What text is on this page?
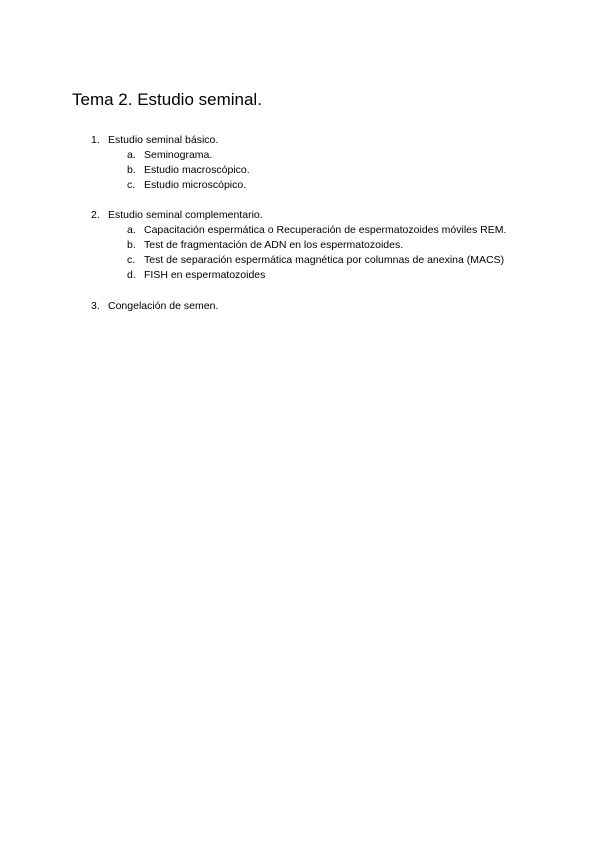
Tema 2. Estudio seminal.
1. Estudio seminal básico.
a. Seminograma.
b. Estudio macroscópico.
c. Estudio microscópico.
2. Estudio seminal complementario.
a. Capacitación espermática o Recuperación de espermatozoides móviles REM.
b. Test de fragmentación de ADN en los espermatozoides.
c. Test de separación espermática magnética por columnas de anexina (MACS)
d. FISH en espermatozoides
3. Congelación de semen.
